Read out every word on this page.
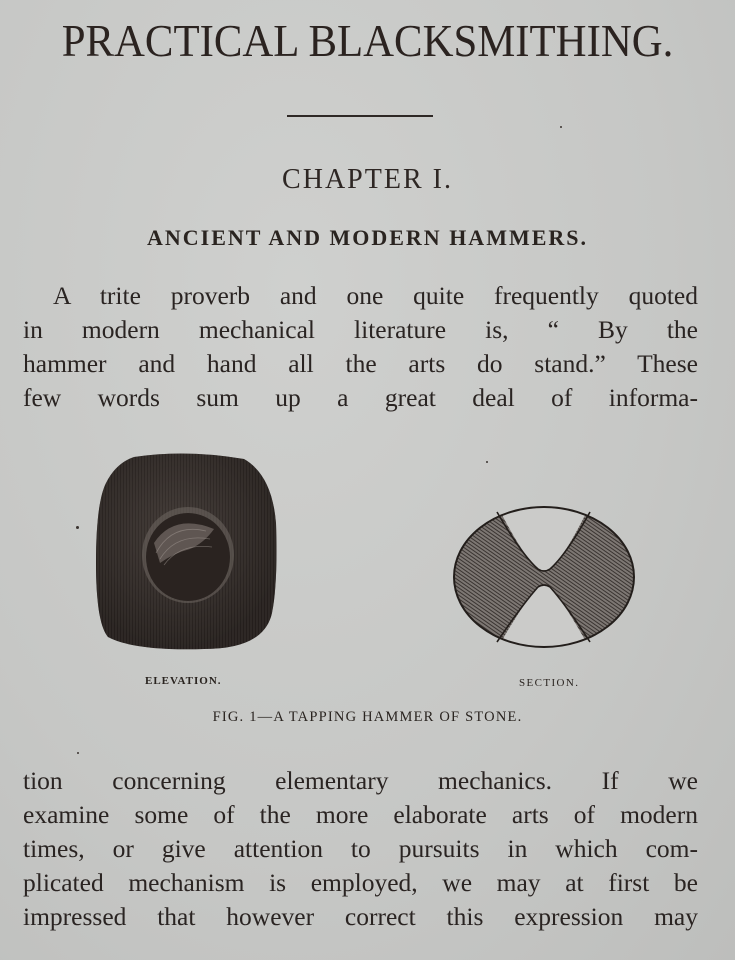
PRACTICAL BLACKSMITHING.
CHAPTER I.
ANCIENT AND MODERN HAMMERS.
A trite proverb and one quite frequently quoted
in modern mechanical literature is, “ By the
hammer and hand all the arts do stand.” These
few words sum up a great deal of informa-
ELEVATION.	SECTION.
FIG. 1—A TAPPING HAMMER OF STONE.
tion concerning elementary mechanics. If we
examine some of the more elaborate arts of modern
times, or give attention to pursuits in which com-
plicated mechanism is employed, we may at first be
impressed that however correct this expression may
